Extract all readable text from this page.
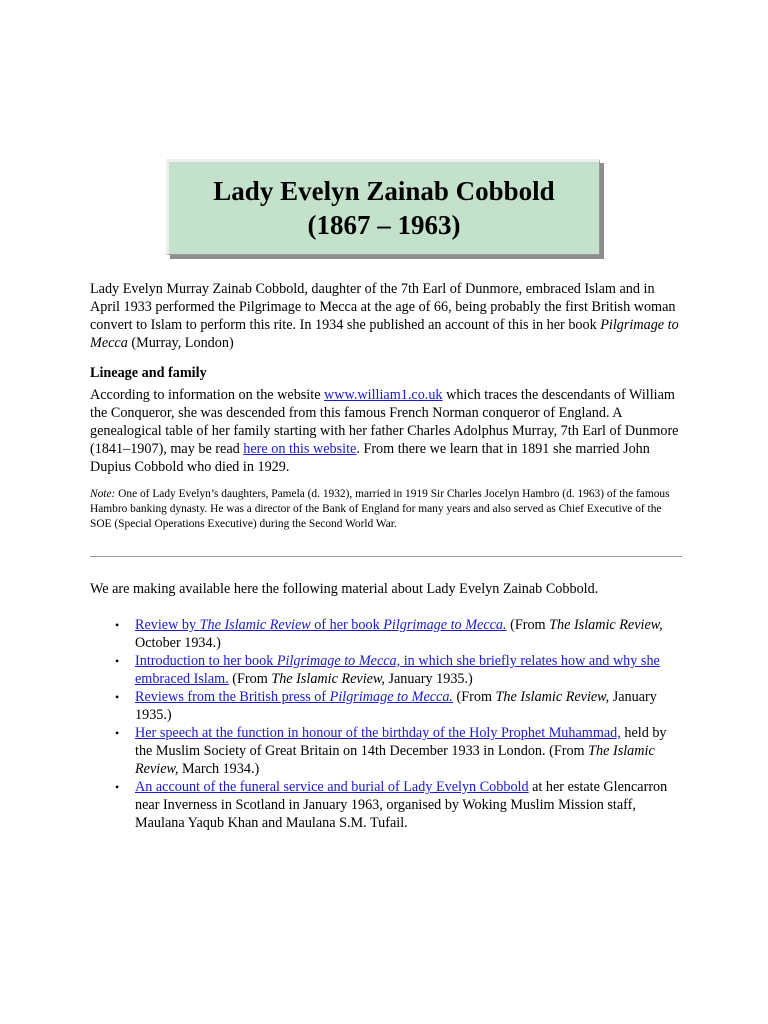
Lady Evelyn Zainab Cobbold
(1867 – 1963)

Lady Evelyn Murray Zainab Cobbold, daughter of the 7th Earl of Dunmore, embraced Islam and in April 1933 performed the Pilgrimage to Mecca at the age of 66, being probably the first British woman convert to Islam to perform this rite. In 1934 she published an account of this in her book Pilgrimage to Mecca (Murray, London)

Lineage and family

According to information on the website www.william1.co.uk which traces the descendants of William the Conqueror, she was descended from this famous French Norman conqueror of England. A genealogical table of her family starting with her father Charles Adolphus Murray, 7th Earl of Dunmore (1841–1907), may be read here on this website. From there we learn that in 1891 she married John Dupius Cobbold who died in 1929.

Note: One of Lady Evelyn’s daughters, Pamela (d. 1932), married in 1919 Sir Charles Jocelyn Hambro (d. 1963) of the famous Hambro banking dynasty. He was a director of the Bank of England for many years and also served as Chief Executive of the SOE (Special Operations Executive) during the Second World War.

We are making available here the following material about Lady Evelyn Zainab Cobbold.

• Review by The Islamic Review of her book Pilgrimage to Mecca. (From The Islamic Review, October 1934.)
• Introduction to her book Pilgrimage to Mecca, in which she briefly relates how and why she embraced Islam. (From The Islamic Review, January 1935.)
• Reviews from the British press of Pilgrimage to Mecca. (From The Islamic Review, January 1935.)
• Her speech at the function in honour of the birthday of the Holy Prophet Muhammad, held by the Muslim Society of Great Britain on 14th December 1933 in London. (From The Islamic Review, March 1934.)
• An account of the funeral service and burial of Lady Evelyn Cobbold at her estate Glencarron near Inverness in Scotland in January 1963, organised by Woking Muslim Mission staff, Maulana Yaqub Khan and Maulana S.M. Tufail.
